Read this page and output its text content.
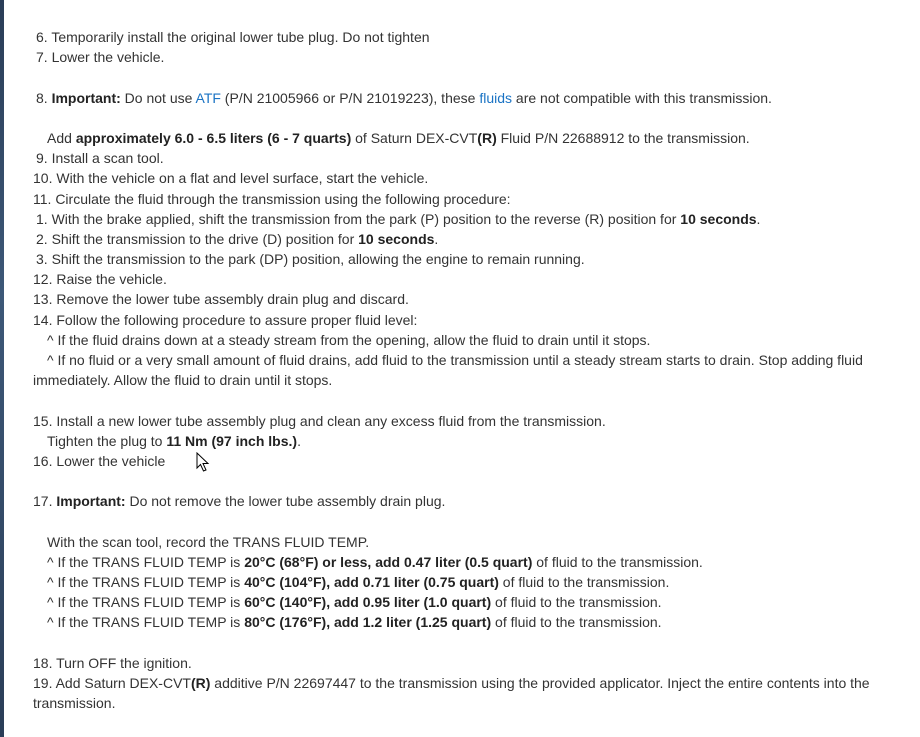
6. Temporarily install the original lower tube plug. Do not tighten
7. Lower the vehicle.
8. Important: Do not use ATF (P/N 21005966 or P/N 21019223), these fluids are not compatible with this transmission.
Add approximately 6.0 - 6.5 liters (6 - 7 quarts) of Saturn DEX-CVT(R) Fluid P/N 22688912 to the transmission.
9. Install a scan tool.
10. With the vehicle on a flat and level surface, start the vehicle.
11. Circulate the fluid through the transmission using the following procedure:
1. With the brake applied, shift the transmission from the park (P) position to the reverse (R) position for 10 seconds.
2. Shift the transmission to the drive (D) position for 10 seconds.
3. Shift the transmission to the park (DP) position, allowing the engine to remain running.
12. Raise the vehicle.
13. Remove the lower tube assembly drain plug and discard.
14. Follow the following procedure to assure proper fluid level:
^ If the fluid drains down at a steady stream from the opening, allow the fluid to drain until it stops.
^ If no fluid or a very small amount of fluid drains, add fluid to the transmission until a steady stream starts to drain. Stop adding fluid immediately. Allow the fluid to drain until it stops.
15. Install a new lower tube assembly plug and clean any excess fluid from the transmission.
Tighten the plug to 11 Nm (97 inch lbs.).
16. Lower the vehicle
17. Important: Do not remove the lower tube assembly drain plug.
With the scan tool, record the TRANS FLUID TEMP.
^ If the TRANS FLUID TEMP is 20°C (68°F) or less, add 0.47 liter (0.5 quart) of fluid to the transmission.
^ If the TRANS FLUID TEMP is 40°C (104°F), add 0.71 liter (0.75 quart) of fluid to the transmission.
^ If the TRANS FLUID TEMP is 60°C (140°F), add 0.95 liter (1.0 quart) of fluid to the transmission.
^ If the TRANS FLUID TEMP is 80°C (176°F), add 1.2 liter (1.25 quart) of fluid to the transmission.
18. Turn OFF the ignition.
19. Add Saturn DEX-CVT(R) additive P/N 22697447 to the transmission using the provided applicator. Inject the entire contents into the transmission.
